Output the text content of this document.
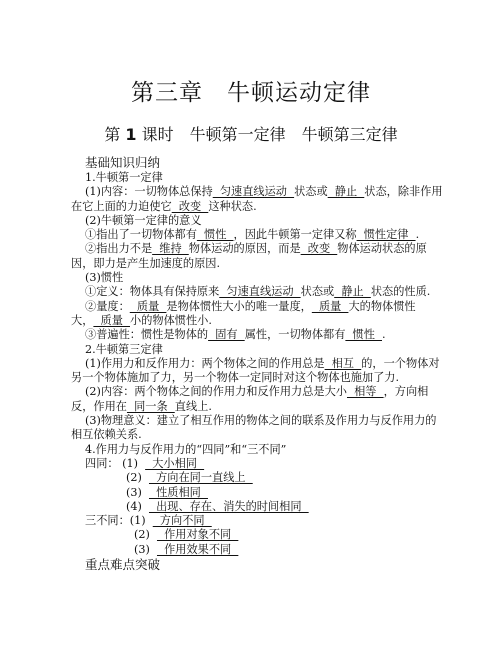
第三章　牛顿运动定律
第 1 课时　牛顿第一定律　牛顿第三定律

基础知识归纳

1.牛顿第一定律

(1)内容：一切物体总保持  匀速直线运动  状态或  静止  状态，除非作用在它上面的力迫使它  改变  这种状态.

(2)牛顿第一定律的意义

①指出了一切物体都有  惯性  ，因此牛顿第一定律又称  惯性定律  .

②指出力不是  维持  物体运动的原因，而是  改变  物体运动状态的原因，即力是产生加速度的原因.

(3)惯性

①定义：物体具有保持原来  匀速直线运动  状态或  静止  状态的性质.

②量度：  质量  是物体惯性大小的唯一量度，  质量  大的物体惯性大，  质量  小的物体惯性小.

③普遍性：惯性是物体的  固有  属性，一切物体都有  惯性  .

2.牛顿第三定律

(1)作用力和反作用力：两个物体之间的作用总是  相互  的，一个物体对另一个物体施加了力，另一个物体一定同时对这个物体也施加了力.

(2)内容：两个物体之间的作用力和反作用力总是大小  相等  ，方向相反，作用在  同一条  直线上.

(3)物理意义：建立了相互作用的物体之间的联系及作用力与反作用力的相互依赖关系.

4.作用力与反作用力的“四同”和“三不同”

四同： (1)    大小相同

(2)    方向在同一直线上

(3)    性质相同

(4)    出现、存在、消失的时间相同

三不同：(1)    方向不同

(2)    作用对象不同

(3)    作用效果不同

重点难点突破
